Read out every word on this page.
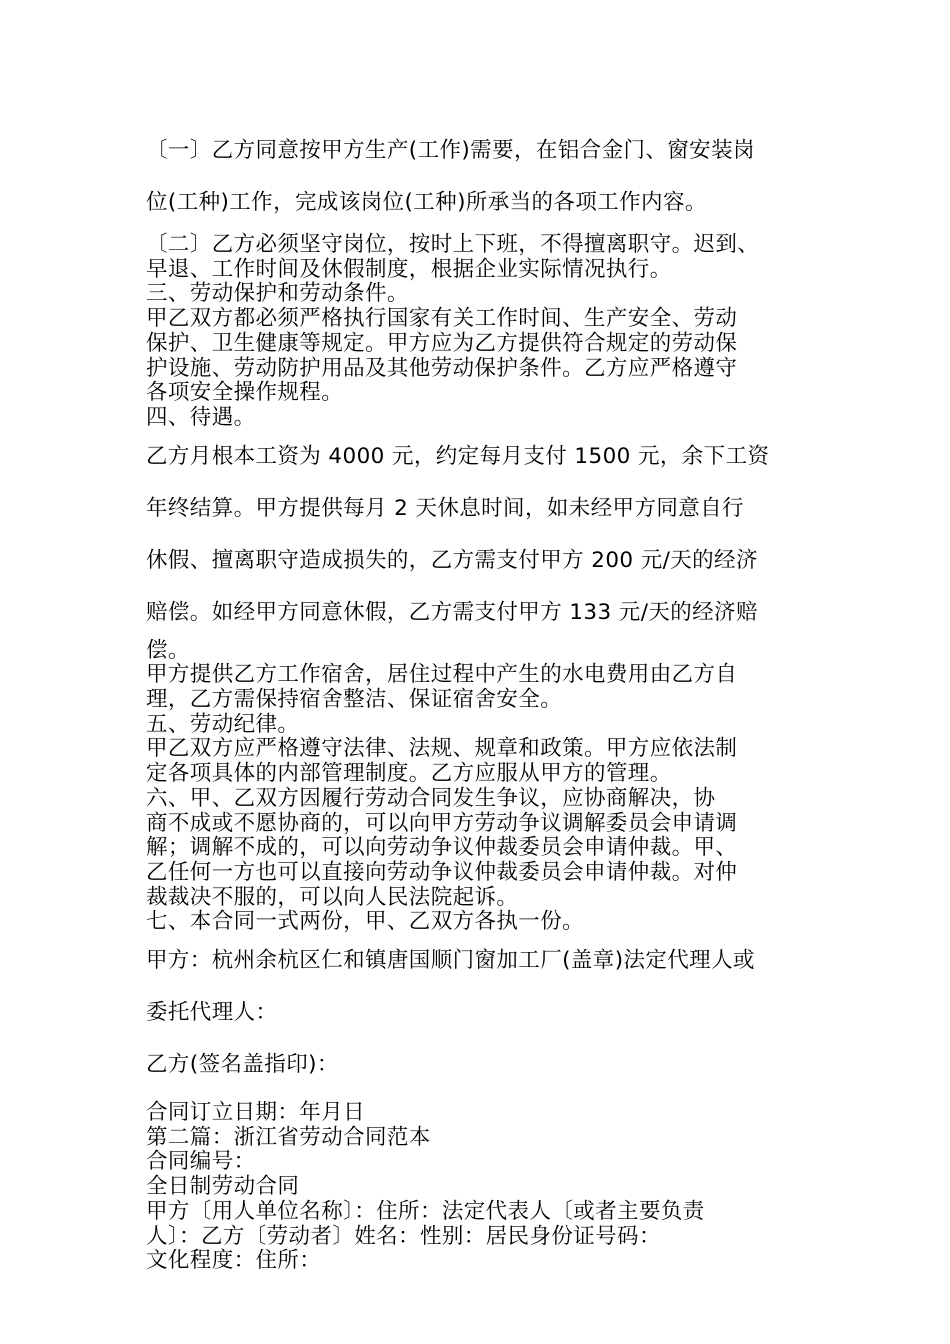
〔一〕乙方同意按甲方生产(工作)需要，在铝合金门、窗安装岗

位(工种)工作，完成该岗位(工种)所承当的各项工作内容。

〔二〕乙方必须坚守岗位，按时上下班，不得擅离职守。迟到、

早退、工作时间及休假制度，根据企业实际情况执行。

三、劳动保护和劳动条件。

甲乙双方都必须严格执行国家有关工作时间、生产安全、劳动

保护、卫生健康等规定。甲方应为乙方提供符合规定的劳动保

护设施、劳动防护用品及其他劳动保护条件。乙方应严格遵守

各项安全操作规程。

四、待遇。

乙方月根本工资为 4000 元，约定每月支付 1500 元，余下工资

年终结算。甲方提供每月 2 天休息时间，如未经甲方同意自行

休假、擅离职守造成损失的，乙方需支付甲方 200 元/天的经济

赔偿。如经甲方同意休假，乙方需支付甲方 133 元/天的经济赔

偿。

甲方提供乙方工作宿舍，居住过程中产生的水电费用由乙方自

理，乙方需保持宿舍整洁、保证宿舍安全。

五、劳动纪律。

甲乙双方应严格遵守法律、法规、规章和政策。甲方应依法制

定各项具体的内部管理制度。乙方应服从甲方的管理。

六、甲、乙双方因履行劳动合同发生争议，应协商解决，协

商不成或不愿协商的，可以向甲方劳动争议调解委员会申请调

解；调解不成的，可以向劳动争议仲裁委员会申请仲裁。甲、

乙任何一方也可以直接向劳动争议仲裁委员会申请仲裁。对仲

裁裁决不服的，可以向人民法院起诉。

七、本合同一式两份，甲、乙双方各执一份。

甲方：杭州余杭区仁和镇唐国顺门窗加工厂(盖章)法定代理人或

委托代理人：

乙方(签名盖指印)：

合同订立日期：年月日

第二篇：浙江省劳动合同范本

合同编号：

全日制劳动合同

甲方〔用人单位名称〕：住所：法定代表人〔或者主要负责

人〕：乙方〔劳动者〕姓名：性别：居民身份证号码：

文化程度：住所：
